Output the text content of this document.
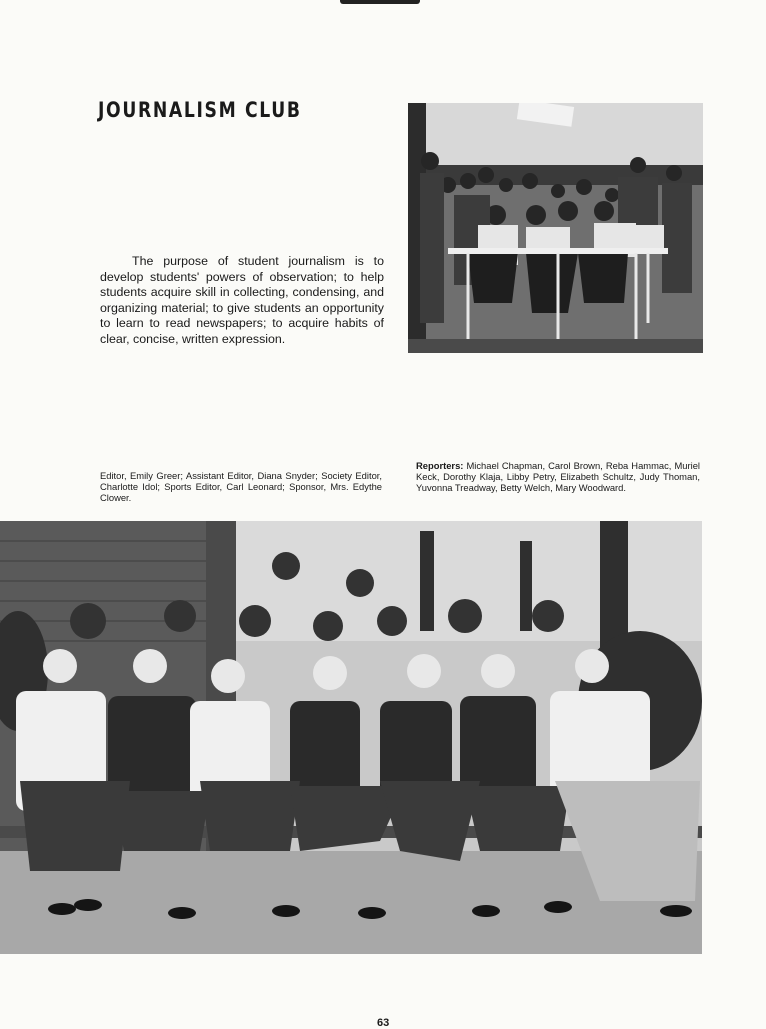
JOURNALISM CLUB

The purpose of student journalism is to develop students' powers of observation; to help students acquire skill in collecting, condensing, and organizing material; to give students an opportunity to learn to read newspapers; to acquire habits of clear, concise, written expression.

Editor, Emily Greer; Assistant Editor, Diana Snyder; Society Editor, Charlotte Idol; Sports Editor, Carl Leonard; Sponsor, Mrs. Edythe Clower.

Reporters: Michael Chapman, Carol Brown, Reba Hammac, Muriel Keck, Dorothy Klaja, Libby Petry, Elizabeth Schultz, Judy Thoman, Yuvonna Treadway, Betty Welch, Mary Woodward.

63
